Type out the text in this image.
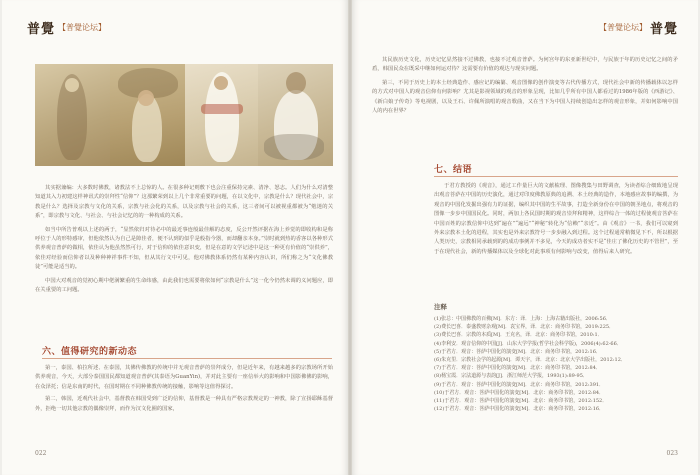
普覺 【普覺论坛】

其实据兼编：大多数时佛教，诸教法不上总惊的人。在很多种记则敷下也会注重保持完素、清净、怒志。人们为什么对清整知道其入力初建这样神讯式的崇拜性“信仰”？这那繁荣到以上几个非常重要的问题，在以文化中，宗教是什么？现代社会中，宗教是什么？选择及宗教与文化的关系，宗教与社会化的关系，以及宗教与社会的关系，这三者间可以被视重都被为“勉迷的关系”，即宗教与文化、与社会、与社会记忆的的一种构成的关系。

如当中所告普观以上述的两于，“显然依归对待必中的最近事连般最佳解的态度，反公开然评据在海上养觉的即收构和是称呼位于人的形特感审，但他依然认为自己是隙佳者，便不认到的似乎是般指今器，而却翻亲本身。”崇时就到热的香客以各种形式供养观音普萨的做相，依佳认为他虽然然可行，对于信仰的依佳意识变，但是在意的文学记述中是这一种更有价值的“崇供养”，依佳对经验而信仰者以及种种神祥事件不知，但从其行文中可见，他对佛教体系仍然有某种内容认识，所们称之为“文化佛教徒”可能是适当的。

中国大对观音的觉初心期中佬满繁重的生命纬感，由此我们也需要将依如何“宗教是什么”这一化今仍然未调的义问题应，即在关重要的工问题。

六、值得研究的新动态

第一，泰国、柏拉所述、在泰国，其佛传佛教的传统中并无观音普萨的崇拜成分，但是近年来，有越来越多的宗教场所开始供养观音，今天，大部分泰国国民都知道观音普萨(其泰语为GuanYin)，并对此主要有一座信举大的影响和中国影佛佛的影响，在众泽托；信是东南的时代，在国时期在不同种佛教传统的接触，影响等这值得探讨。

第二，韩国，近观代社会中，基督教在韩国受到广泛的信仰，基督教是一种具有严格宗教规定的一神教，除了宣扬耶稣基督外，拒绝一切其他宗教的偶像崇拜，而作为汉文化圈的国家，

022
【普覺论坛】 普覺

其民族历史文化，历史记忆显然接不过佛教，也接不过观音普萨。为何宫年的东亚新世纪中，与民族于年的历史记忆之间的矛盾，韩国民众在既采中继如何运对待？这需要有价值的观达与现实问题。

第三，不同于历史上的本土经典造作、感应记的编纂、观音图像的创作演变等古代传播方式，现代社会中新的传播载体以怎样的方式对中国人的观音信仰有何影响？尤其是影视领域的观音的形象呈现，比如几乎所有中国人都看过的1986年版的《西游记》、《新白娘子传奇》等电视剧，以及王石、许佩所演唱的观音歌曲，又在当下为中国人持续创造出怎样的观音形象，并如何影响中国人的内在世界？

七、结语

于君方教授的《观音》，通过工作量巨大的文献梳理、图像搜集与田野调查，为读者综合细致地呈现出观音菩萨在中国的历史演化，通过对印度佛教原典的追溯、本土经典的造作，本地感应故事的编撰，为观音的中国化发掘出强有力的证据，编织其中国的生平故事，打造全新身份在中国的朝圣地点，将观音的图像一步步中国国民化。同时，两加上各民国时期的观音崇拜和精神，这样综合一体的过程使观音菩萨在中国百姓的宗教信仰中达到“遍在”“遍远”“神秘”转化为“信赖”“亲近”。由《观音》一书，我们可以窥到外来宗教本土化的进程，其实也是外来宗教符号一步步融入到过程。这个过程通常稍微见下不，所以根据人类历史，宗教相同承载到的的成功事例并不多见，今天的成功者实不是“佳庄了佛化历史的不管世”，至于在现代社会，新的传播媒体以及全球化对此事项有何影响与改变，值得后来人研究。

注释
(1)张总：中国佛教的百佛[M]．东方：译．上海：上海古籍出版社，2006:56．
(2)费长巴喜．泰盛教财杂观[M]．袁宝界，译．北京：商务印书馆，2019:225．
(3)费长巴喜．宗教的本质[M]．王克名，译．北京：商务印书馆，2010:1．
(4)李利安．观音信仰的中国[J]．山东大学学报(哲学社会科学版)，2006(4):62-66．
(5)于君方．观音：菩萨中国化的演变[M]．北京：商务印书馆，2012:16．
(6)朱克里．宗教社会学的起源[M]．谭天宇，译．北京：北京大学出版社，2012:12．
(7)于君方．观音：菩萨中国化的演变[M]．北京：商务印书馆，2012:84．
(8)杨宝霞．宗法道源与表韵[J]．浙江师范大学报，1993(1):89-95．
(9)于君方．观音：菩萨中国化的演变[M]．北京：商务印书馆，2012:391．
(10)于君方．观音：菩萨中国化的演变[M]．北京：商务印书馆，2012:84．
(11)于君方．观音：菩萨中国化的演变[M]．北京：商务印书馆，2012:152．
(12)于君方．观音：菩萨中国化的演变[M]．北京：商务印书馆，2012:16．
023
